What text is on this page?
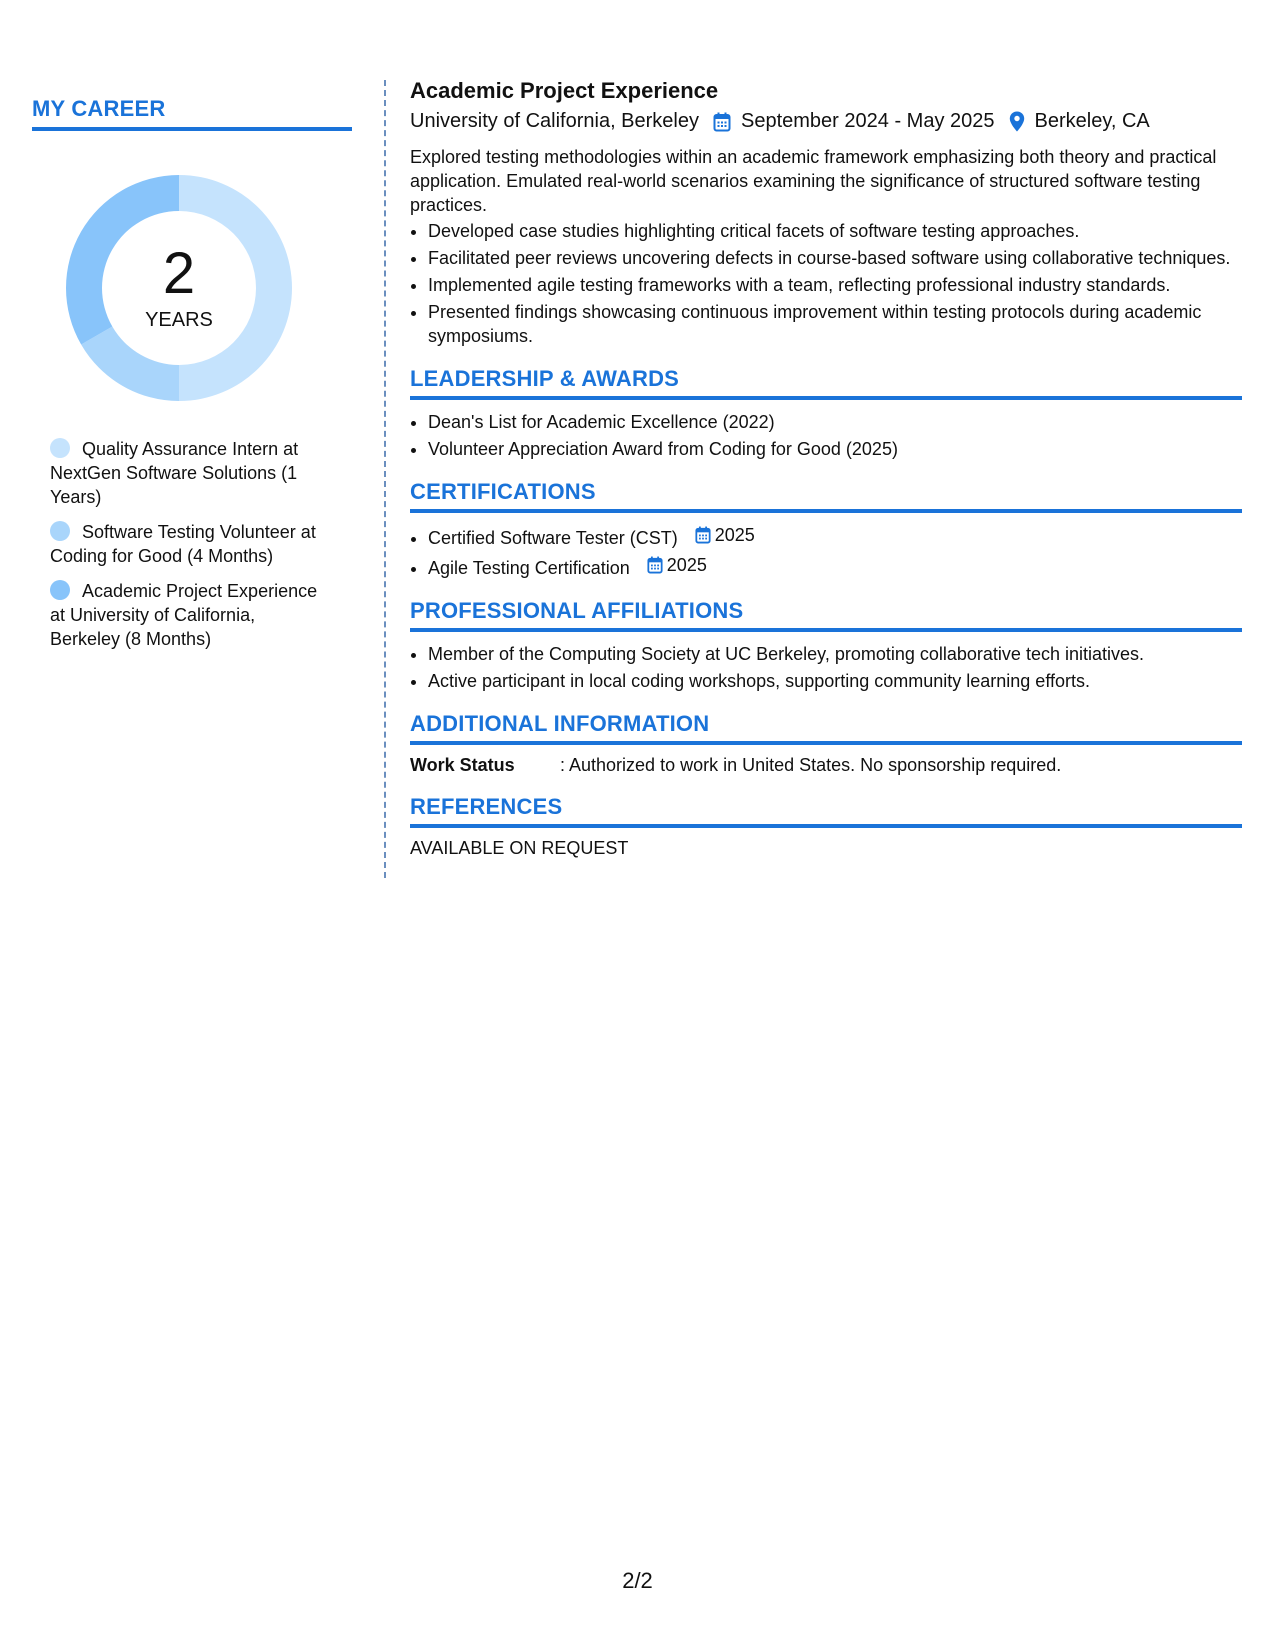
MY CAREER
2
YEARS
Quality Assurance Intern at NextGen Software Solutions (1 Years)
Software Testing Volunteer at Coding for Good (4 Months)
Academic Project Experience at University of California, Berkeley (8 Months)
Academic Project Experience
University of California, Berkeley September 2024 - May 2025 Berkeley, CA

Explored testing methodologies within an academic framework emphasizing both theory and practical application. Emulated real-world scenarios examining the significance of structured software testing practices.

• Developed case studies highlighting critical facets of software testing approaches.
• Facilitated peer reviews uncovering defects in course-based software using collaborative techniques.
• Implemented agile testing frameworks with a team, reflecting professional industry standards.
• Presented findings showcasing continuous improvement within testing protocols during academic symposiums.
LEADERSHIP & AWARDS
• Dean's List for Academic Excellence (2022)
• Volunteer Appreciation Award from Coding for Good (2025)
CERTIFICATIONS
• Certified Software Tester (CST) 2025
• Agile Testing Certification 2025
PROFESSIONAL AFFILIATIONS
• Member of the Computing Society at UC Berkeley, promoting collaborative tech initiatives.
• Active participant in local coding workshops, supporting community learning efforts.
ADDITIONAL INFORMATION
Work Status	: Authorized to work in United States. No sponsorship required.
REFERENCES
AVAILABLE ON REQUEST
2/2
